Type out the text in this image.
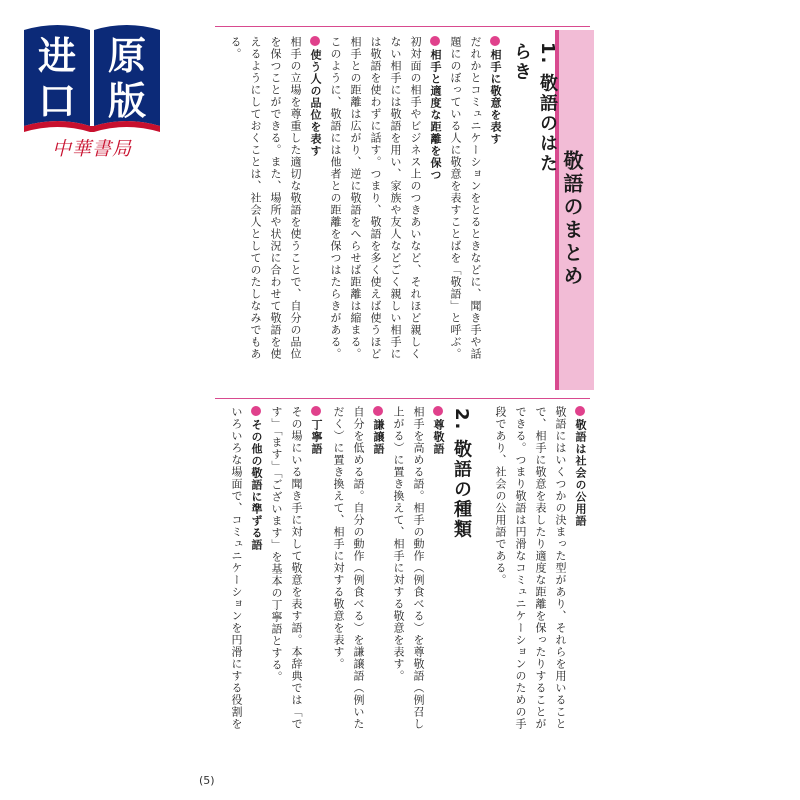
进
口
原
版
中華書局
敬語のまとめ
1. 敬語のはたらき
相手に敬意を表す
だれかとコミュニケーションをとるときなどに、聞き手や話
題にのぼっている人に敬意を表すことばを「敬語」と呼ぶ。
相手と適度な距離を保つ
初対面の相手やビジネス上のつきあいなど、それほど親しく
ない相手には敬語を用い、家族や友人などごく親しい相手に
は敬語を使わずに話す。つまり、敬語を多く使えば使うほど
相手との距離は広がり、逆に敬語をへらせば距離は縮まる。
このように、敬語には他者との距離を保つはたらきがある。
使う人の品位を表す
相手の立場を尊重した適切な敬語を使うことで、自分の品位
を保つことができる。また、場所や状況に合わせて敬語を使
えるようにしておくことは、社会人としてのたしなみでもあ
る。
敬語は社会の公用語
敬語にはいくつかの決まった型があり、それらを用いること
で、相手に敬意を表したり適度な距離を保ったりすることが
できる。つまり敬語は円滑なコミュニケーションのための手
段であり、社会の公用語である。
2. 敬語の種類
尊敬語
相手を高める語。相手の動作（例食べる）を尊敬語（例召し
上がる）に置き換えて、相手に対する敬意を表す。
謙譲語
自分を低める語。自分の動作（例食べる）を謙譲語（例いた
だく）に置き換えて、相手に対する敬意を表す。
丁寧語
その場にいる聞き手に対して敬意を表す語。本辞典では「で
す」「ます」「ございます」を基本の丁寧語とする。
その他の敬語に準ずる語
いろいろな場面で、コミュニケーションを円滑にする役割を
(5)
